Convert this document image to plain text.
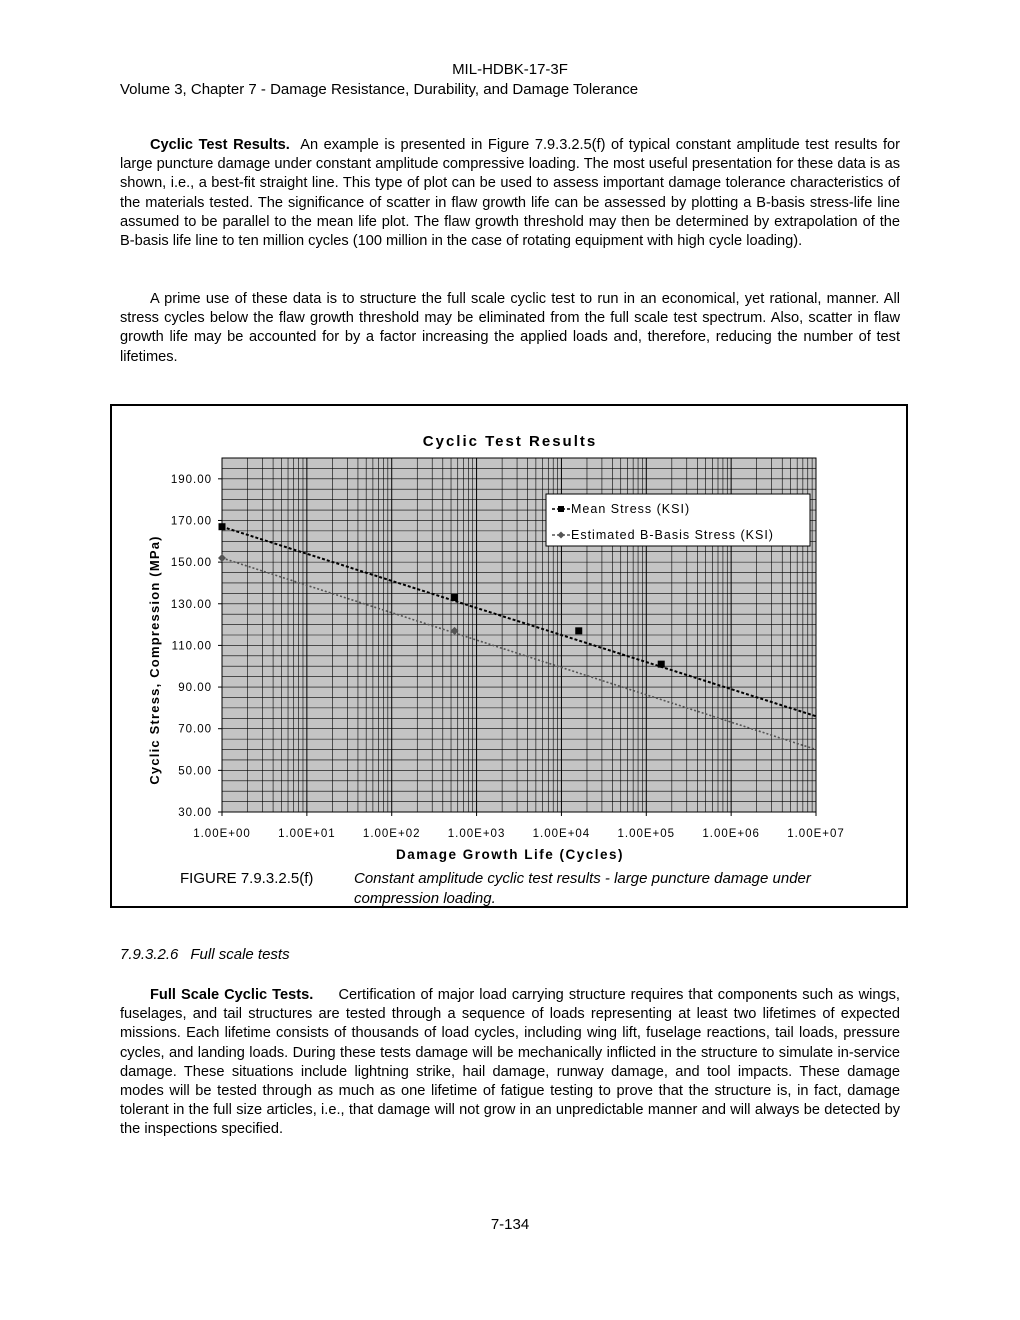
MIL-HDBK-17-3F
Volume 3, Chapter 7 - Damage Resistance, Durability, and Damage Tolerance

Cyclic Test Results. An example is presented in Figure 7.9.3.2.5(f) of typical constant amplitude test results for large puncture damage under constant amplitude compressive loading. The most useful presentation for these data is as shown, i.e., a best-fit straight line. This type of plot can be used to assess important damage tolerance characteristics of the materials tested. The significance of scatter in flaw growth life can be assessed by plotting a B-basis stress-life line assumed to be parallel to the mean life plot. The flaw growth threshold may then be determined by extrapolation of the B-basis life line to ten million cycles (100 million in the case of rotating equipment with high cycle loading).

A prime use of these data is to structure the full scale cyclic test to run in an economical, yet rational, manner. All stress cycles below the flaw growth threshold may be eliminated from the full scale test spectrum. Also, scatter in flaw growth life may be accounted for by a factor increasing the applied loads and, therefore, reducing the number of test lifetimes.

30.00
50.00
70.00
90.00
110.00
130.00
150.00
170.00
190.00
1.00E+00 1.00E+01 1.00E+02 1.00E+03 1.00E+04 1.00E+05 1.00E+06 1.00E+07
Cyclic Test Results
Damage Growth Life (Cycles)
Cyclic Stress, Compression (MPa)
Mean Stress (KSI)
Estimated B-Basis Stress (KSI)
FIGURE 7.9.3.2.5(f)	Constant amplitude cyclic test results - large puncture damage under compression loading.
7.9.3.2.6 Full scale tests

Full Scale Cyclic Tests. Certification of major load carrying structure requires that components such as wings, fuselages, and tail structures are tested through a sequence of loads representing at least two lifetimes of expected missions. Each lifetime consists of thousands of load cycles, including wing lift, fuselage reactions, tail loads, pressure cycles, and landing loads. During these tests damage will be mechanically inflicted in the structure to simulate in-service damage. These situations include lightning strike, hail damage, runway damage, and tool impacts. These damage modes will be tested through as much as one lifetime of fatigue testing to prove that the structure is, in fact, damage tolerant in the full size articles, i.e., that damage will not grow in an unpredictable manner and will always be detected by the inspections specified.

7-134
